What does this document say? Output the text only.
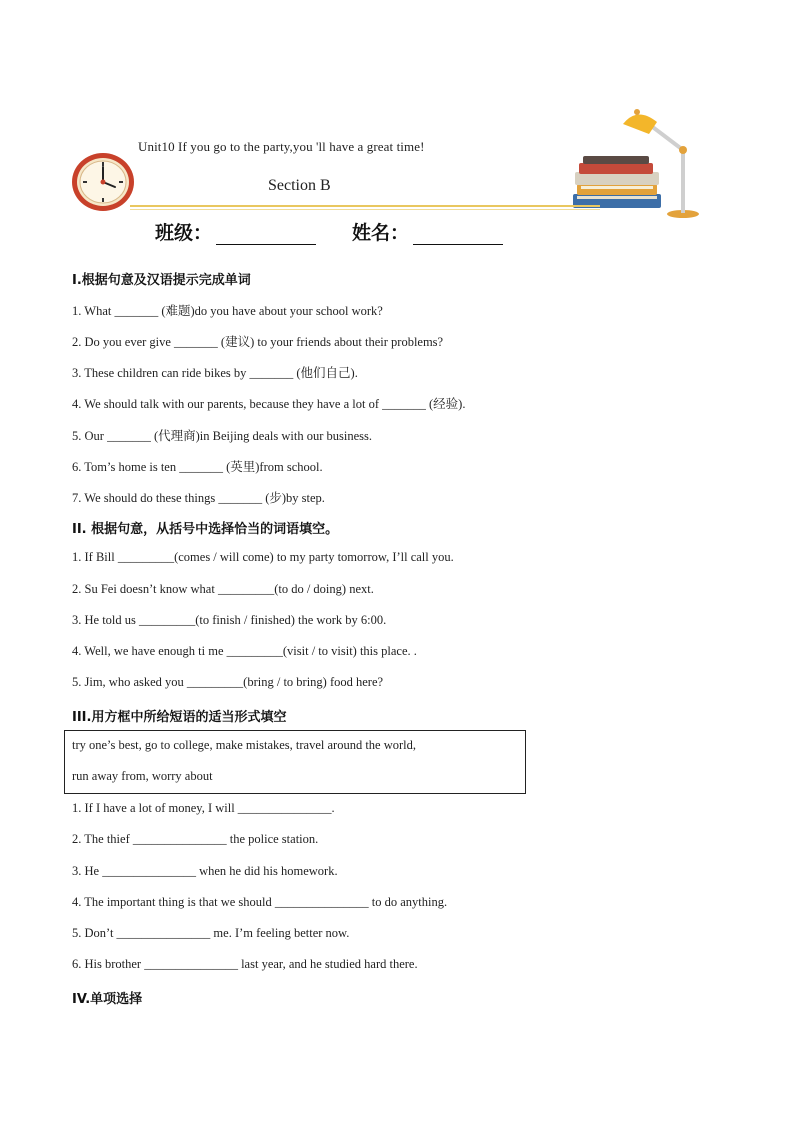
Unit10 If you go to the party,you 'll have a great time!
Section B
班级：	姓名：
I.根据句意及汉语提示完成单词
1. What _______ (难题)do you have about your school work?
2. Do you ever give _______ (建议) to your friends about their problems?
3. These children can ride bikes by _______ (他们自己).
4. We should talk with our parents, because they have a lot of _______ (经验).
5. Our _______ (代理商)in Beijing deals with our business.
6. Tom’s home is ten _______ (英里)from school.
7. We should do these things _______ (步)by step.
II. 根据句意，从括号中选择恰当的词语填空。
1. If Bill _________(comes / will come) to my party tomorrow, I’ll call you.
2. Su Fei doesn’t know what _________(to do / doing) next.
3. He told us _________(to finish / finished) the work by 6:00.
4. Well, we have enough ti me _________(visit / to visit) this place. .
5. Jim, who asked you _________(bring / to bring) food here?
III.用方框中所给短语的适当形式填空
try one’s best, go to college, make mistakes, travel around the world,
run away from, worry about
1. If I have a lot of money, I will _______________.
2. The thief _______________ the police station.
3. He _______________ when he did his homework.
4. The important thing is that we should _______________ to do anything.
5. Don’t _______________ me. I’m feeling better now.
6. His brother _______________ last year, and he studied hard there.
IV.单项选择
